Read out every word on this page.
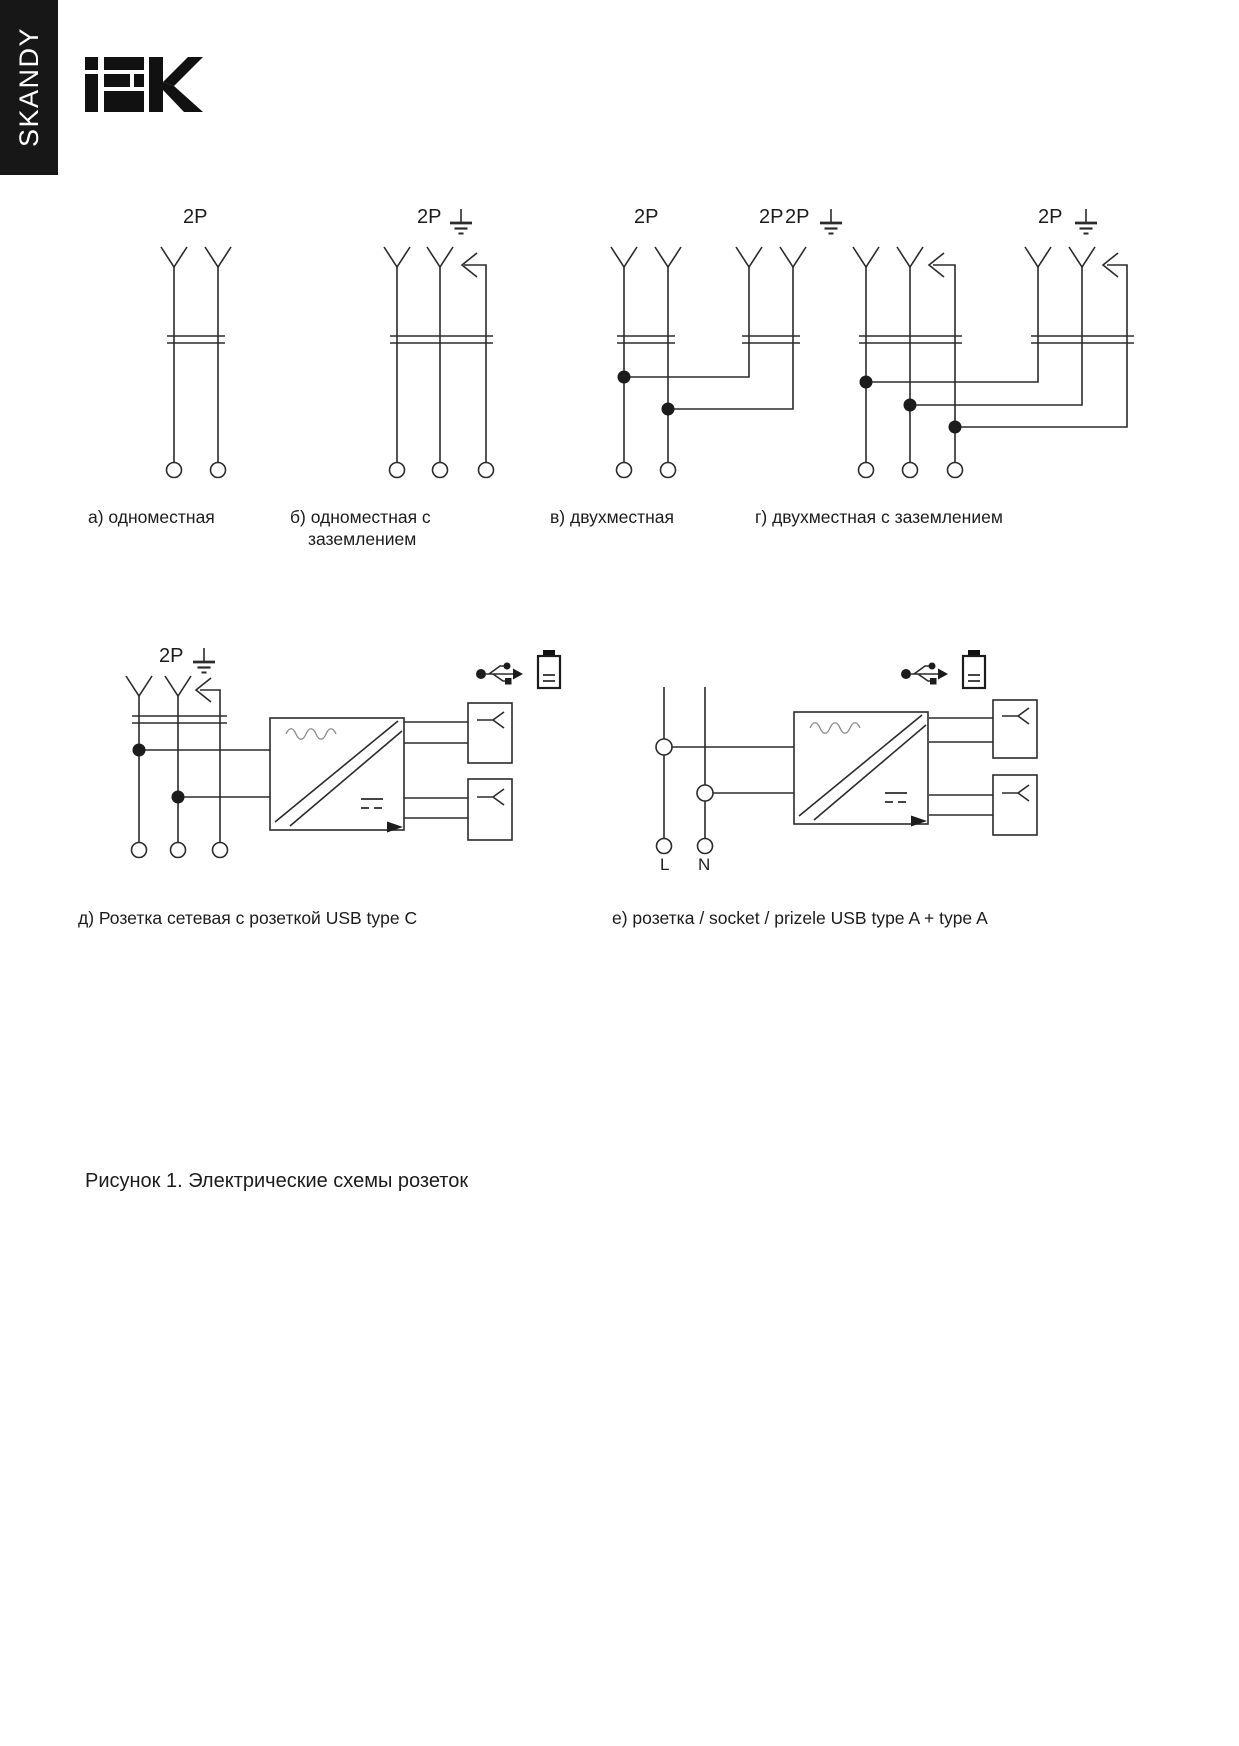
SKANDY
2P	2P	2P	2P 2P	2P
2P
а) одноместная	б) одноместная с
заземлением
в) двухместная	г) двухместная с заземлением
д) Розетка сетевая с розеткой USB type C	е) розетка / socket / prizele USB type A + type A
L N
Рисунок 1. Электрические схемы розеток
